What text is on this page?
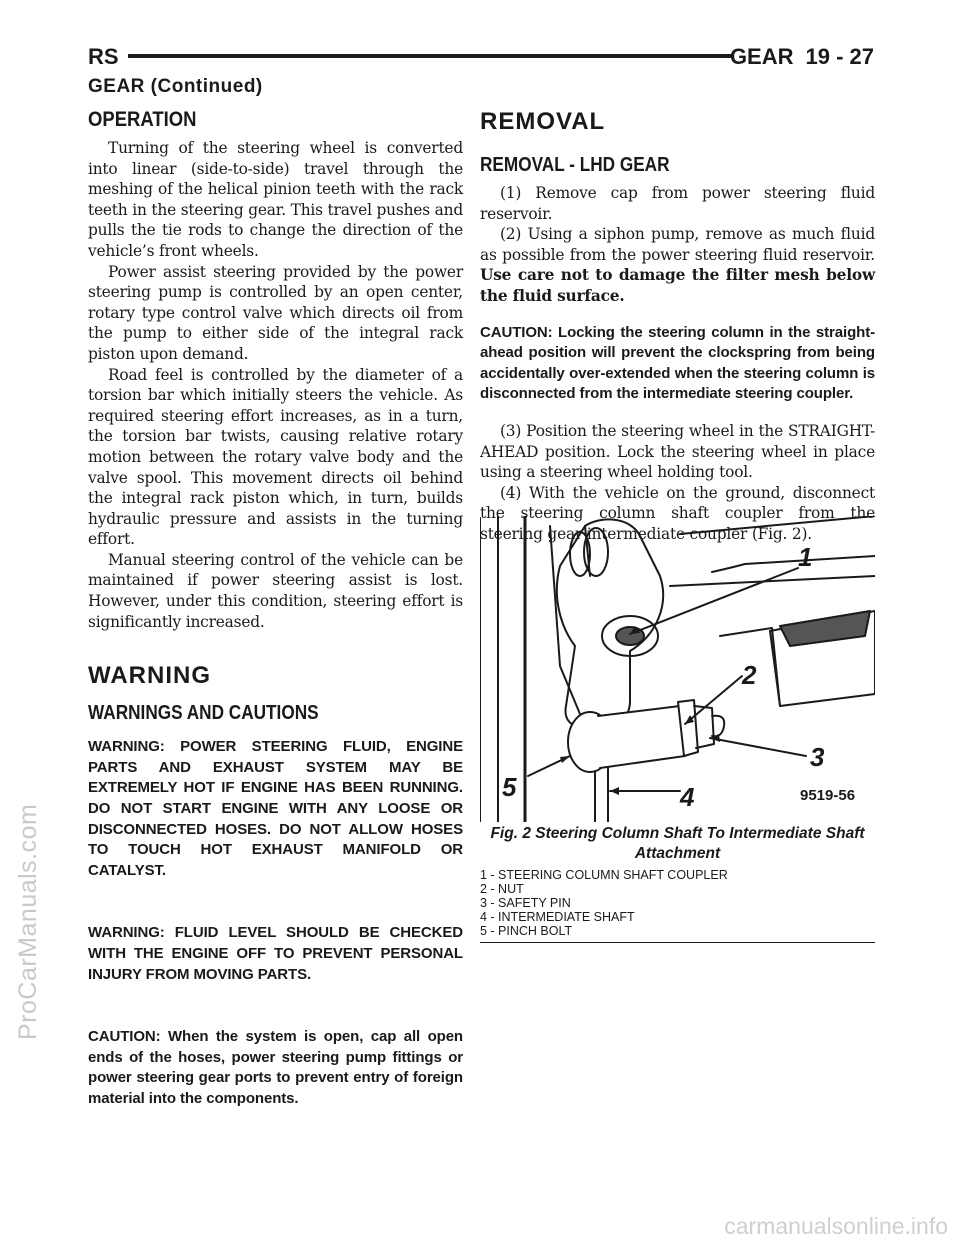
RS	GEAR 19 - 27
GEAR (Continued)
OPERATION

Turning of the steering wheel is converted into linear (side-to-side) travel through the meshing of the helical pinion teeth with the rack teeth in the steering gear. This travel pushes and pulls the tie rods to change the direction of the vehicle’s front wheels.

Power assist steering provided by the power steering pump is controlled by an open center, rotary type control valve which directs oil from the pump to either side of the integral rack piston upon demand.

Road feel is controlled by the diameter of a torsion bar which initially steers the vehicle. As required steering effort increases, as in a turn, the torsion bar twists, causing relative rotary motion between the rotary valve body and the valve spool. This movement directs oil behind the integral rack piston which, in turn, builds hydraulic pressure and assists in the turning effort.

Manual steering control of the vehicle can be maintained if power steering assist is lost. However, under this condition, steering effort is significantly increased.

WARNING
WARNINGS AND CAUTIONS

WARNING: POWER STEERING FLUID, ENGINE PARTS AND EXHAUST SYSTEM MAY BE EXTREMELY HOT IF ENGINE HAS BEEN RUNNING. DO NOT START ENGINE WITH ANY LOOSE OR DISCONNECTED HOSES. DO NOT ALLOW HOSES TO TOUCH HOT EXHAUST MANIFOLD OR CATALYST.

WARNING: FLUID LEVEL SHOULD BE CHECKED WITH THE ENGINE OFF TO PREVENT PERSONAL INJURY FROM MOVING PARTS.

CAUTION: When the system is open, cap all open ends of the hoses, power steering pump fittings or power steering gear ports to prevent entry of foreign material into the components.

REMOVAL
REMOVAL - LHD GEAR

(1) Remove cap from power steering fluid reservoir.

(2) Using a siphon pump, remove as much fluid as possible from the power steering fluid reservoir. Use care not to damage the filter mesh below the fluid surface.

CAUTION: Locking the steering column in the straight-ahead position will prevent the clockspring from being accidentally over-extended when the steering column is disconnected from the intermediate steering coupler.

(3) Position the steering wheel in the STRAIGHT-AHEAD position. Lock the steering wheel in place using a steering wheel holding tool.

(4) With the vehicle on the ground, disconnect the steering column shaft coupler from the steering gear intermediate coupler (Fig. 2).

1
2
3
4
5	9519-56
Fig. 2 Steering Column Shaft To Intermediate Shaft
Attachment
1 - STEERING COLUMN SHAFT COUPLER
2 - NUT
3 - SAFETY PIN
4 - INTERMEDIATE SHAFT
5 - PINCH BOLT
ProCarManuals.com
carmanualsonline.info
